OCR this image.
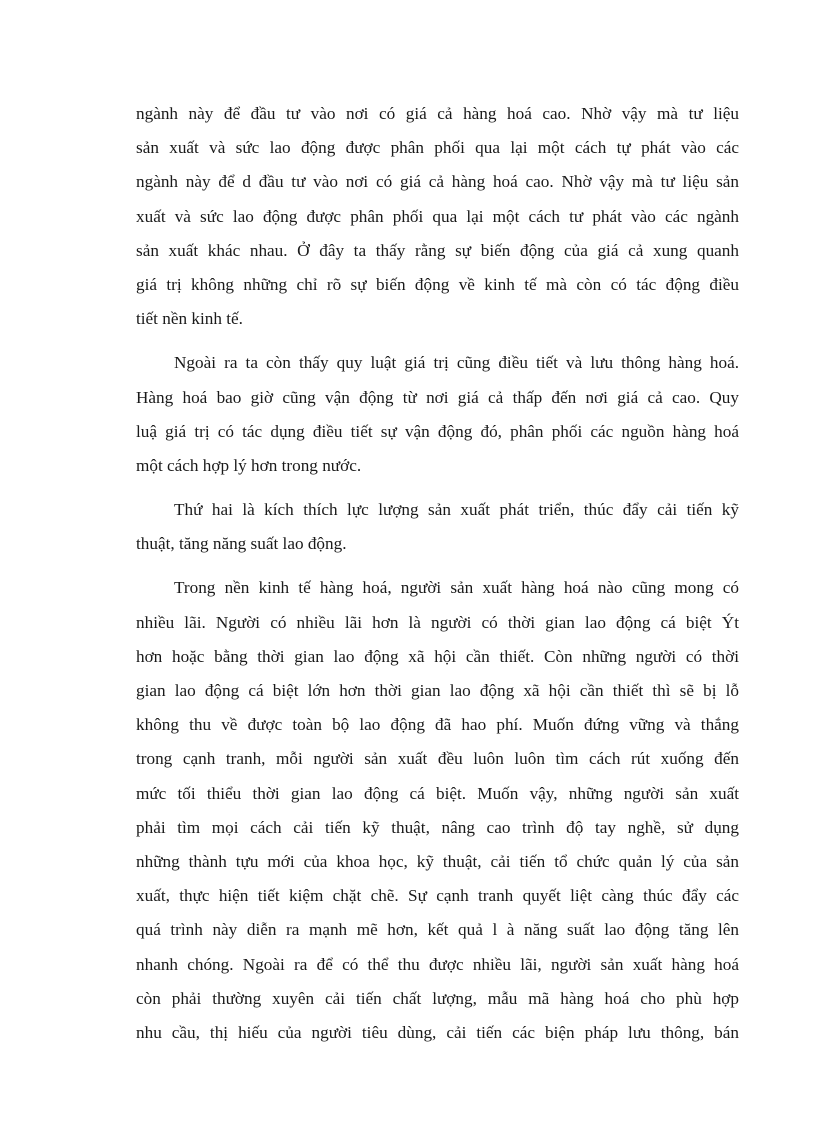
ngành này để đầu tư vào nơi có giá cả hàng hoá cao. Nhờ vậy mà tư liệu
sản xuất và sức lao động được phân phối qua lại một cách tự phát vào các
ngành này để d đầu tư vào nơi có giá cả hàng hoá cao. Nhờ vậy mà tư liệu sản
xuất và sức lao động được phân phối qua lại một cách tư phát vào các ngành
sản xuất khác nhau. Ở đây ta thấy rằng sự biến động của giá cả xung quanh
giá trị không những chỉ rõ sự biến động về kinh tế mà còn có tác động điều
tiết nền kinh tế.

Ngoài ra ta còn thấy quy luật giá trị cũng điều tiết và lưu thông hàng hoá.
Hàng hoá bao giờ cũng vận động từ nơi giá cả thấp đến nơi giá cả cao. Quy
luậ giá trị có tác dụng điều tiết sự vận động đó, phân phối các nguồn hàng hoá
một cách hợp lý hơn trong nước.

Thứ hai là kích thích lực lượng sản xuất phát triển, thúc đẩy cải tiến kỹ
thuật, tăng năng suất lao động.

Trong nền kinh tế hàng hoá, người sản xuất hàng hoá nào cũng mong có
nhiều lãi. Người có nhiều lãi hơn là người có thời gian lao động cá biệt Ýt
hơn hoặc bằng thời gian lao động xã hội cần thiết. Còn những người có thời
gian lao động cá biệt lớn hơn thời gian lao động xã hội cần thiết thì sẽ bị lỗ
không thu về được toàn bộ lao động đã hao phí. Muốn đứng vững và thắng
trong cạnh tranh, mỗi người sản xuất đều luôn luôn tìm cách rút xuống đến
mức tối thiểu thời gian lao động cá biệt. Muốn vậy, những người sản xuất
phải tìm mọi cách cải tiến kỹ thuật, nâng cao trình độ tay nghề, sử dụng
những thành tựu mới của khoa học, kỹ thuật, cải tiến tổ chức quản lý của sản
xuất, thực hiện tiết kiệm chặt chẽ. Sự cạnh tranh quyết liệt càng thúc đẩy các
quá trình này diễn ra mạnh mẽ hơn, kết quả l à năng suất lao động tăng lên
nhanh chóng. Ngoài ra để có thể thu được nhiều lãi, người sản xuất hàng hoá
còn phải thường xuyên cải tiến chất lượng, mẫu mã hàng hoá cho phù hợp
nhu cầu, thị hiếu của người tiêu dùng, cải tiến các biện pháp lưu thông, bán
